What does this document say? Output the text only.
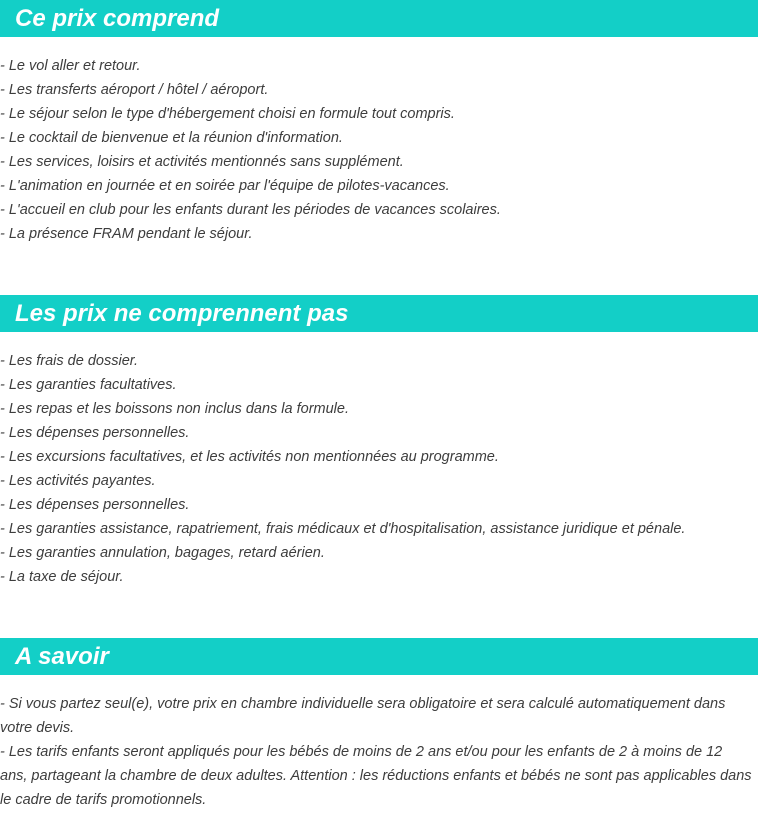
Ce prix comprend
- Le vol aller et retour.
- Les transferts aéroport / hôtel / aéroport.
- Le séjour selon le type d'hébergement choisi en formule tout compris.
- Le cocktail de bienvenue et la réunion d'information.
- Les services, loisirs et activités mentionnés sans supplément.
- L'animation en journée et en soirée par l'équipe de pilotes-vacances.
- L'accueil en club pour les enfants durant les périodes de vacances scolaires.
- La présence FRAM pendant le séjour.
Les prix ne comprennent pas
- Les frais de dossier.
- Les garanties facultatives.
- Les repas et les boissons non inclus dans la formule.
- Les dépenses personnelles.
- Les excursions facultatives, et les activités non mentionnées au programme.
- Les activités payantes.
- Les dépenses personnelles.
- Les garanties assistance, rapatriement, frais médicaux et d'hospitalisation, assistance juridique et pénale.
- Les garanties annulation, bagages, retard aérien.
- La taxe de séjour.
A savoir

- Si vous partez seul(e), votre prix en chambre individuelle sera obligatoire et sera calculé automatiquement dans votre devis.

- Les tarifs enfants seront appliqués pour les bébés de moins de 2 ans et/ou pour les enfants de 2 à moins de 12 ans, partageant la chambre de deux adultes. Attention : les réductions enfants et bébés ne sont pas applicables dans le cadre de tarifs promotionnels.
